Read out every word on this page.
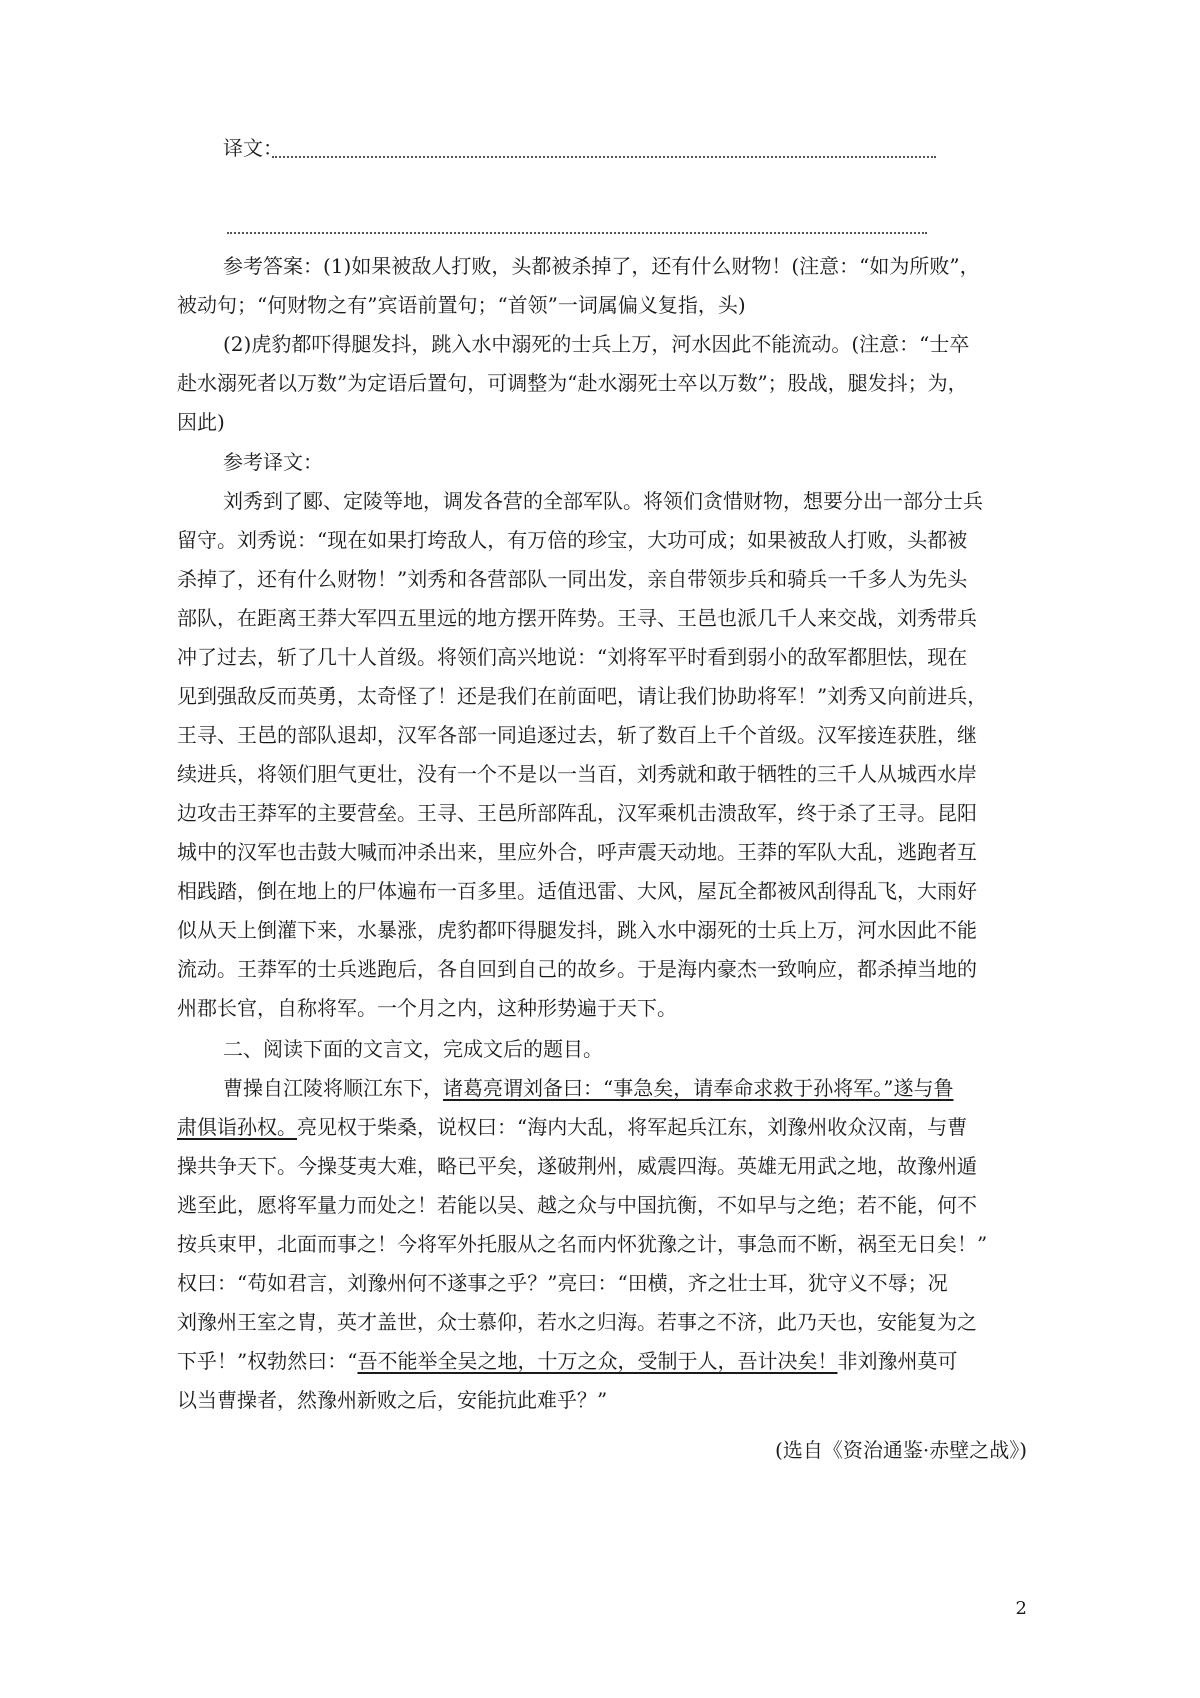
译文：
参考答案：(1)如果被敌人打败，头都被杀掉了，还有什么财物！(注意：“如为所败”，
被动句；“何财物之有”宾语前置句；“首领”一词属偏义复指，头)
(2)虎豹都吓得腿发抖，跳入水中溺死的士兵上万，河水因此不能流动。(注意：“士卒
赴水溺死者以万数”为定语后置句，可调整为“赴水溺死士卒以万数”；股战，腿发抖；为，
因此)
参考译文：
刘秀到了郾、定陵等地，调发各营的全部军队。将领们贪惜财物，想要分出一部分士兵
留守。刘秀说：“现在如果打垮敌人，有万倍的珍宝，大功可成；如果被敌人打败，头都被
杀掉了，还有什么财物！”刘秀和各营部队一同出发，亲自带领步兵和骑兵一千多人为先头
部队，在距离王莽大军四五里远的地方摆开阵势。王寻、王邑也派几千人来交战，刘秀带兵
冲了过去，斩了几十人首级。将领们高兴地说：“刘将军平时看到弱小的敌军都胆怯，现在
见到强敌反而英勇，太奇怪了！还是我们在前面吧，请让我们协助将军！”刘秀又向前进兵，
王寻、王邑的部队退却，汉军各部一同追逐过去，斩了数百上千个首级。汉军接连获胜，继
续进兵，将领们胆气更壮，没有一个不是以一当百，刘秀就和敢于牺牲的三千人从城西水岸
边攻击王莽军的主要营垒。王寻、王邑所部阵乱，汉军乘机击溃敌军，终于杀了王寻。昆阳
城中的汉军也击鼓大喊而冲杀出来，里应外合，呼声震天动地。王莽的军队大乱，逃跑者互
相践踏，倒在地上的尸体遍布一百多里。适值迅雷、大风，屋瓦全都被风刮得乱飞，大雨好
似从天上倒灌下来，水暴涨，虎豹都吓得腿发抖，跳入水中溺死的士兵上万，河水因此不能
流动。王莽军的士兵逃跑后，各自回到自己的故乡。于是海内豪杰一致响应，都杀掉当地的
州郡长官，自称将军。一个月之内，这种形势遍于天下。
二、阅读下面的文言文，完成文后的题目。
曹操自江陵将顺江东下，诸葛亮谓刘备曰：“事急矣，请奉命求救于孙将军。”遂与鲁
肃俱诣孙权。亮见权于柴桑，说权曰：“海内大乱，将军起兵江东，刘豫州收众汉南，与曹
操共争天下。今操芟夷大难，略已平矣，遂破荆州，威震四海。英雄无用武之地，故豫州遁
逃至此，愿将军量力而处之！若能以吴、越之众与中国抗衡，不如早与之绝；若不能，何不
按兵束甲，北面而事之！今将军外托服从之名而内怀犹豫之计，事急而不断，祸至无日矣！”
权曰：“苟如君言，刘豫州何不遂事之乎？”亮曰：“田横，齐之壮士耳，犹守义不辱；况
刘豫州王室之胄，英才盖世，众士慕仰，若水之归海。若事之不济，此乃天也，安能复为之
下乎！”权勃然曰：“吾不能举全吴之地，十万之众，受制于人，吾计决矣！非刘豫州莫可
以当曹操者，然豫州新败之后，安能抗此难乎？”
(选自《资治通鉴·赤壁之战》)
2
